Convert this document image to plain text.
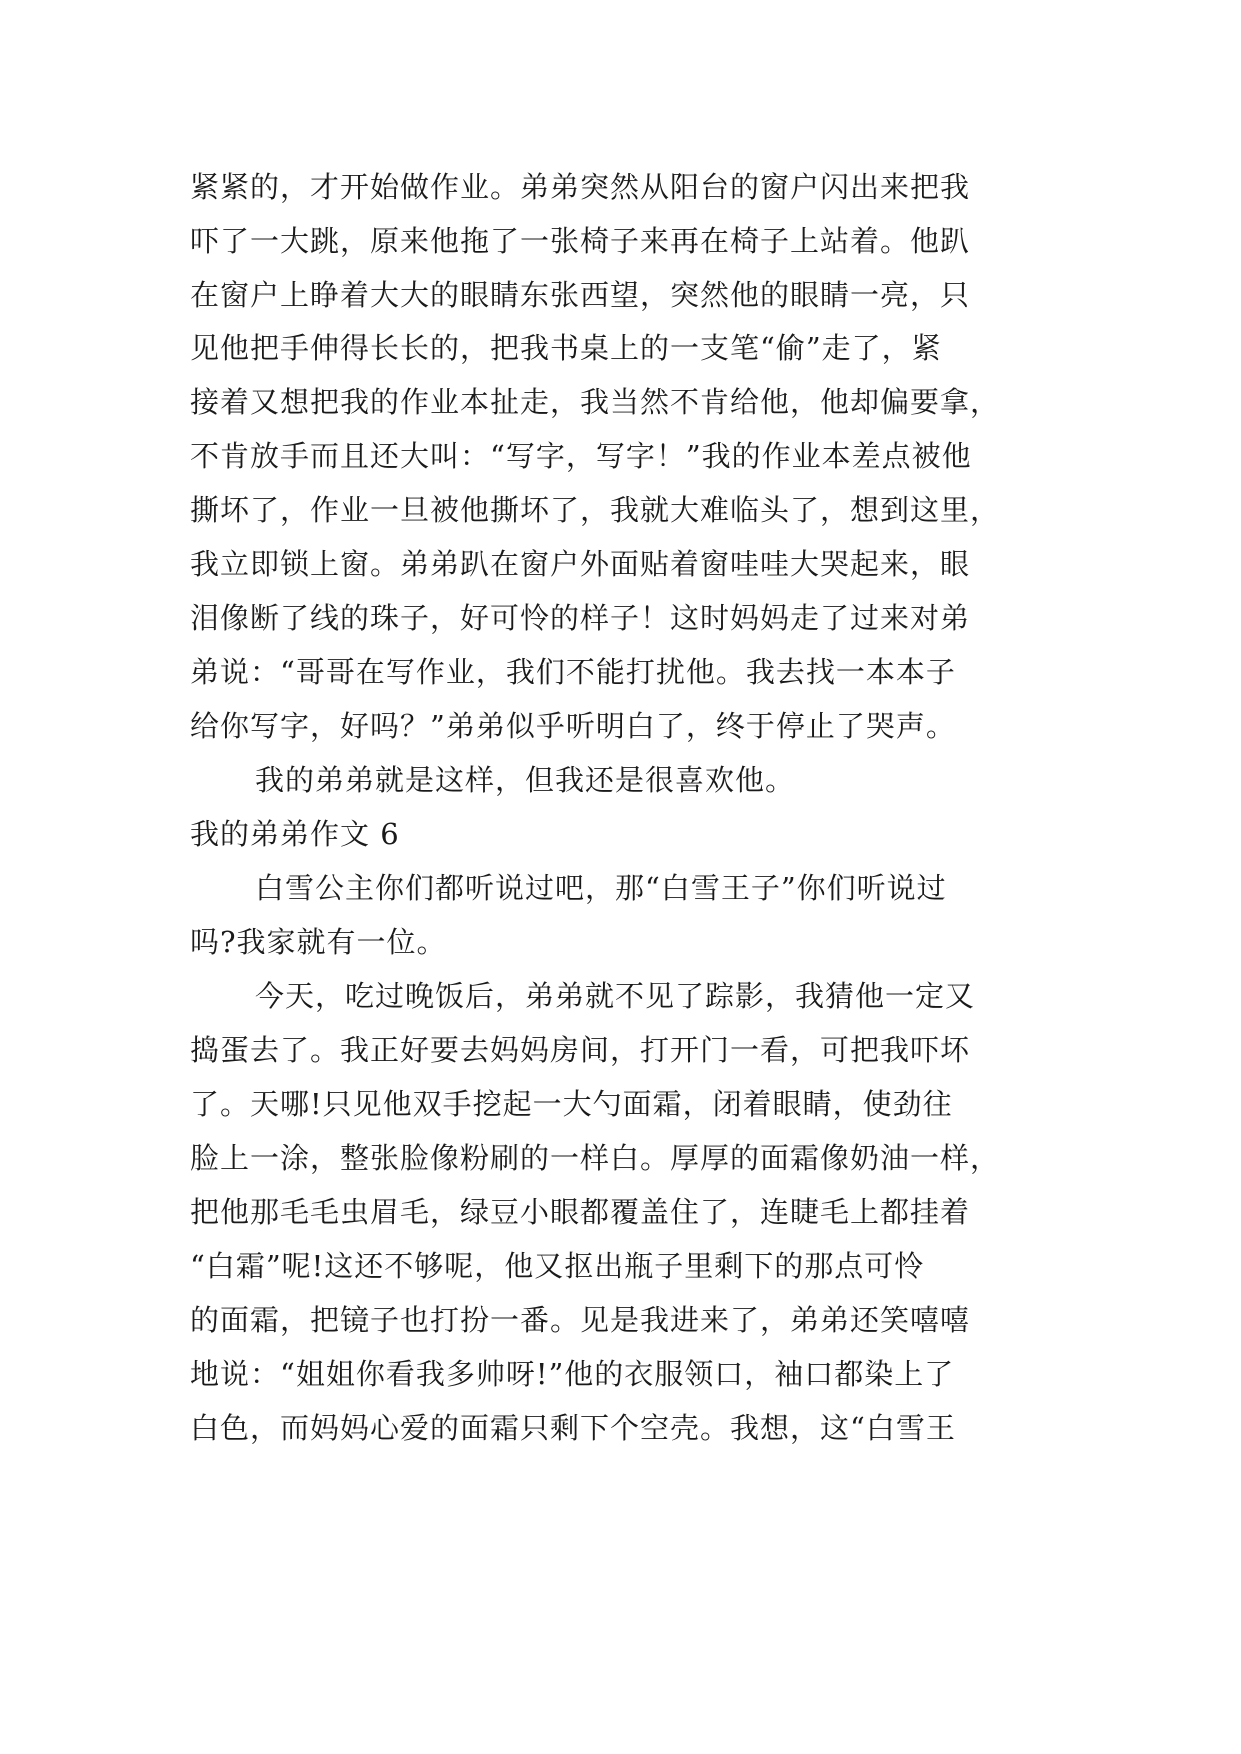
紧紧的，才开始做作业。弟弟突然从阳台的窗户闪出来把我
吓了一大跳，原来他拖了一张椅子来再在椅子上站着。他趴
在窗户上睁着大大的眼睛东张西望，突然他的眼睛一亮，只
见他把手伸得长长的，把我书桌上的一支笔“偷”走了，紧
接着又想把我的作业本扯走，我当然不肯给他，他却偏要拿，
不肯放手而且还大叫：“写字，写字！”我的作业本差点被他
撕坏了，作业一旦被他撕坏了，我就大难临头了，想到这里，
我立即锁上窗。弟弟趴在窗户外面贴着窗哇哇大哭起来，眼
泪像断了线的珠子，好可怜的样子！这时妈妈走了过来对弟
弟说：“哥哥在写作业，我们不能打扰他。我去找一本本子
给你写字，好吗？”弟弟似乎听明白了，终于停止了哭声。
我的弟弟就是这样，但我还是很喜欢他。
我的弟弟作文 6
白雪公主你们都听说过吧，那“白雪王子”你们听说过
吗?我家就有一位。
今天，吃过晚饭后，弟弟就不见了踪影，我猜他一定又
捣蛋去了。我正好要去妈妈房间，打开门一看，可把我吓坏
了。天哪!只见他双手挖起一大勺面霜，闭着眼睛，使劲往
脸上一涂，整张脸像粉刷的一样白。厚厚的面霜像奶油一样，
把他那毛毛虫眉毛，绿豆小眼都覆盖住了，连睫毛上都挂着
“白霜”呢!这还不够呢，他又抠出瓶子里剩下的那点可怜
的面霜，把镜子也打扮一番。见是我进来了，弟弟还笑嘻嘻
地说：“姐姐你看我多帅呀!”他的衣服领口，袖口都染上了
白色，而妈妈心爱的面霜只剩下个空壳。我想，这“白雪王
